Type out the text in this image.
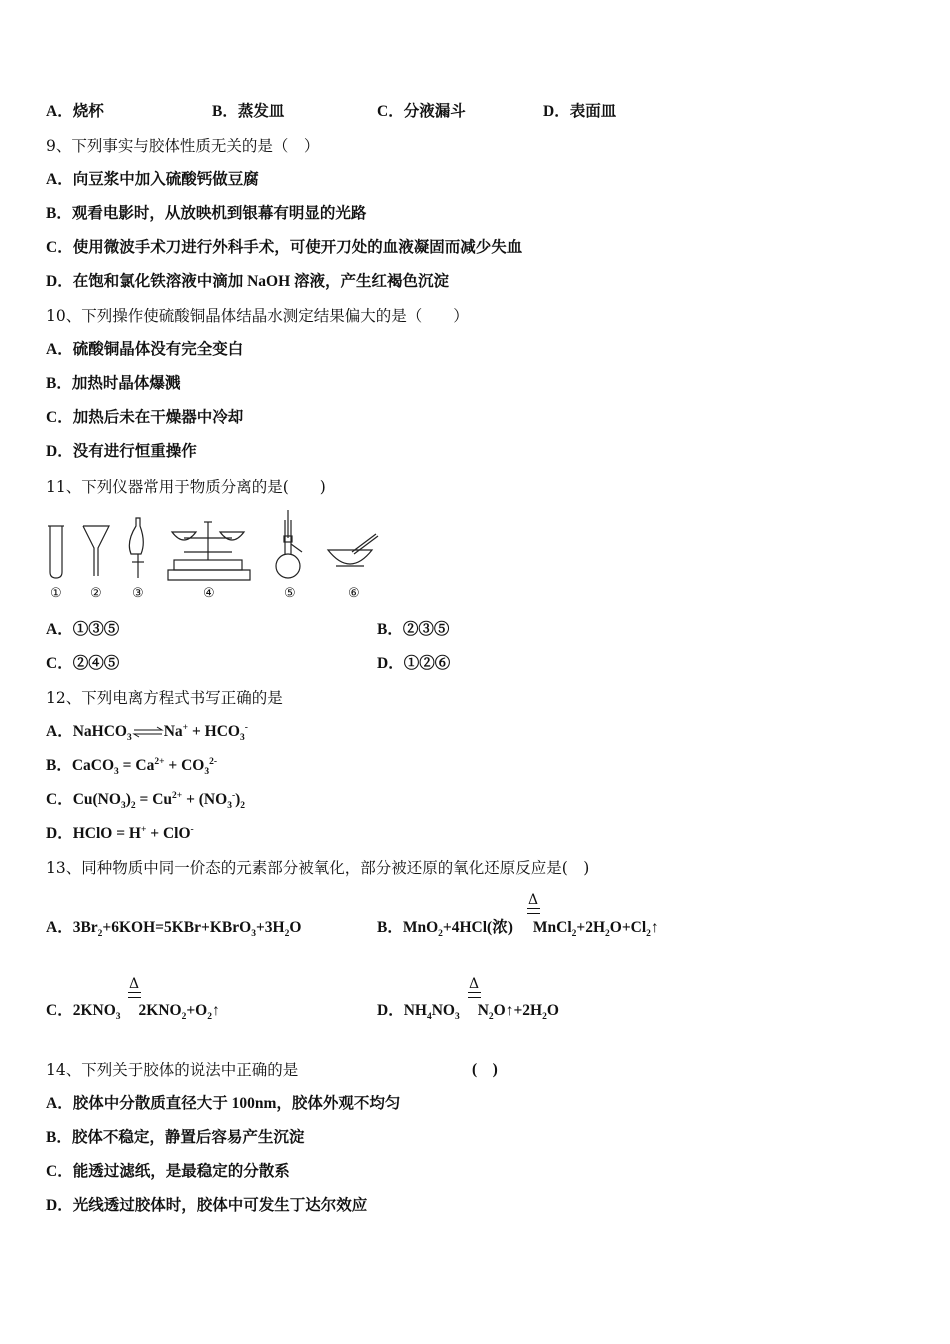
A．烧杯	B．蒸发皿	C．分液漏斗	D．表面皿
9、下列事实与胶体性质无关的是（　）
A．向豆浆中加入硫酸钙做豆腐
B．观看电影时，从放映机到银幕有明显的光路
C．使用微波手术刀进行外科手术，可使开刀处的血液凝固而减少失血
D．在饱和氯化铁溶液中滴加 NaOH 溶液，产生红褐色沉淀
10、下列操作使硫酸铜晶体结晶水测定结果偏大的是（　　）
A．硫酸铜晶体没有完全变白
B．加热时晶体爆溅
C．加热后未在干燥器中冷却
D．没有进行恒重操作
11、下列仪器常用于物质分离的是(　　)
① ② ③	④	⑤	⑥
A．①③⑤	B．②③⑤
C．②④⑤	D．①②⑥
12、下列电离方程式书写正确的是
A．NaHCO$_3$ ⇌Na+ + $HCO_3^-$
B．CaCO$_3$ = $Ca^{2+} + CO_3^{2-}$
C．$Cu(NO_3)_2 = Cu^{2+} + (NO_3^-)_2$
D．HClO = H+ + ClO-
13、同种物质中同一价态的元素部分被氧化，部分被还原的氧化还原反应是(　)
A．$3Br_2+6KOH=5KBr+KBrO_3+3H_2O$
Δ
B．MnO$_2$+4HCl(浓) $MnCl_2+2H_2O+Cl_2↑$
Δ
C．$2KNO_3$ $2KNO_2+O_2↑$
Δ
D．$NH_4NO_3$ $N_2O↑+2H_2O$
14、下列关于胶体的说法中正确的是	(　)
A．胶体中分散质直径大于 100nm，胶体外观不均匀
B．胶体不稳定，静置后容易产生沉淀
C．能透过滤纸，是最稳定的分散系
D．光线透过胶体时，胶体中可发生丁达尔效应
